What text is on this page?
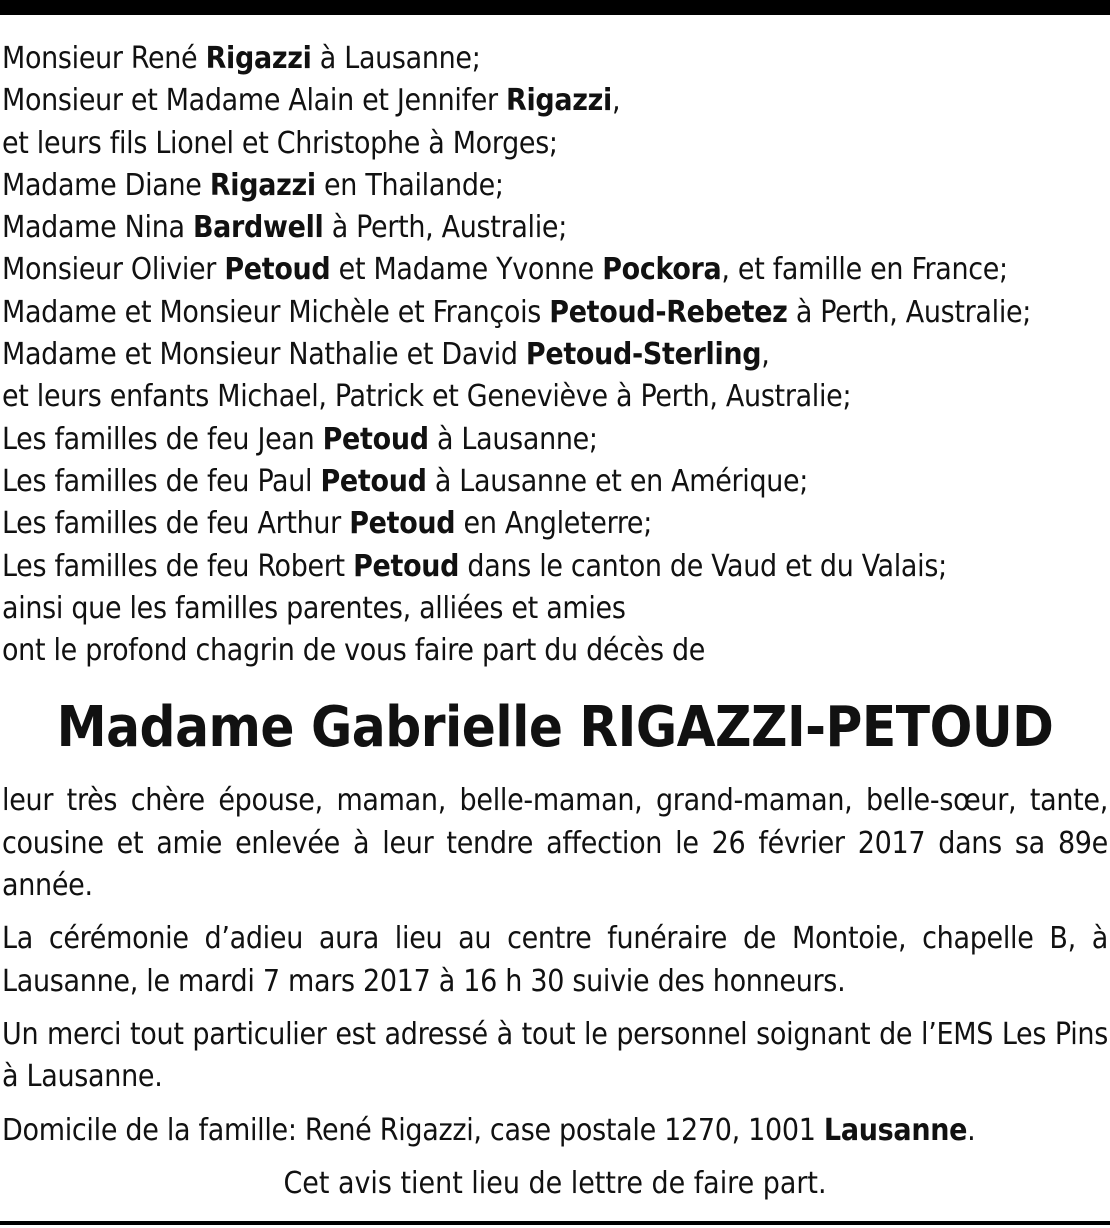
Monsieur René Rigazzi à Lausanne;
Monsieur et Madame Alain et Jennifer Rigazzi,
et leurs fils Lionel et Christophe à Morges;
Madame Diane Rigazzi en Thailande;
Madame Nina Bardwell à Perth, Australie;
Monsieur Olivier Petoud et Madame Yvonne Pockora, et famille en France;
Madame et Monsieur Michèle et François Petoud-Rebetez à Perth, Australie;
Madame et Monsieur Nathalie et David Petoud-Sterling,
et leurs enfants Michael, Patrick et Geneviève à Perth, Australie;
Les familles de feu Jean Petoud à Lausanne;
Les familles de feu Paul Petoud à Lausanne et en Amérique;
Les familles de feu Arthur Petoud en Angleterre;
Les familles de feu Robert Petoud dans le canton de Vaud et du Valais;
ainsi que les familles parentes, alliées et amies
ont le profond chagrin de vous faire part du décès de
Madame Gabrielle RIGAZZI-PETOUD

leur très chère épouse, maman, belle-maman, grand-maman, belle-sœur, tante, cousine et amie enlevée à leur tendre affection le 26 février 2017 dans sa 89e année.

La cérémonie d’adieu aura lieu au centre funéraire de Montoie, chapelle B, à Lausanne, le mardi 7 mars 2017 à 16 h 30 suivie des honneurs.

Un merci tout particulier est adressé à tout le personnel soignant de l’EMS Les Pins à Lausanne.

Domicile de la famille: René Rigazzi, case postale 1270, 1001 Lausanne.

Cet avis tient lieu de lettre de faire part.
